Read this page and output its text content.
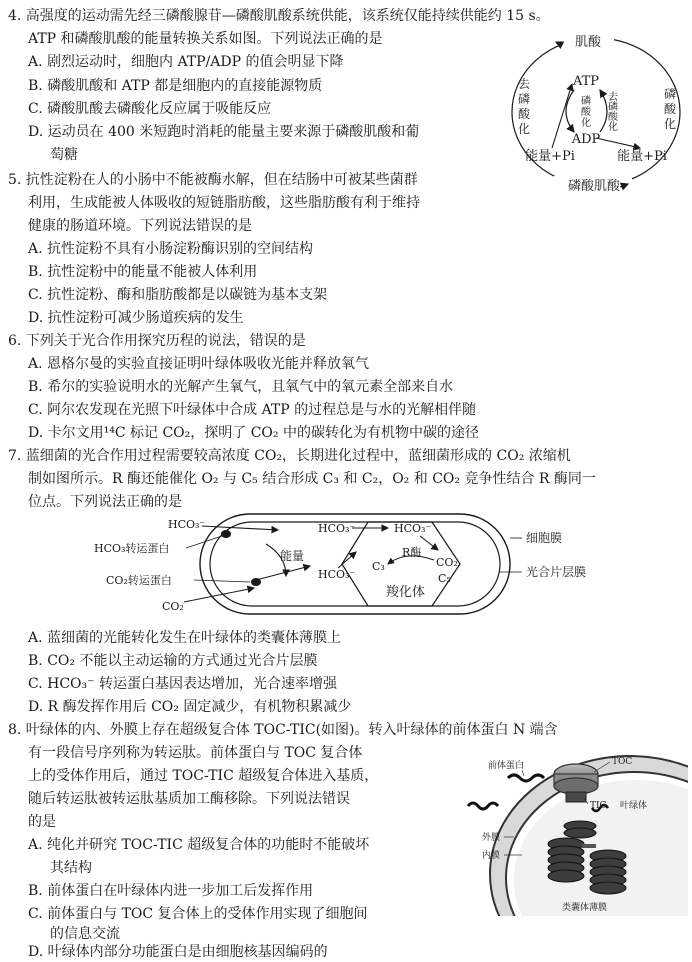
4. 高强度的运动需先经三磷酸腺苷—磷酸肌酸系统供能，该系统仅能持续供能约 15 s。
ATP 和磷酸肌酸的能量转换关系如图。下列说法正确的是
A. 剧烈运动时，细胞内 ATP/ADP 的值会明显下降
B. 磷酸肌酸和 ATP 都是细胞内的直接能源物质
C. 磷酸肌酸去磷酸化反应属于吸能反应
D. 运动员在 400 米短跑时消耗的能量主要来源于磷酸肌酸和葡
萄糖
肌酸
磷酸肌酸
去
磷
酸
化
磷
酸
化
ATP
ADP
磷
酸
化
去
磷
酸
化
能量+Pi	能量+Pi
5. 抗性淀粉在人的小肠中不能被酶水解，但在结肠中可被某些菌群
利用，生成能被人体吸收的短链脂肪酸，这些脂肪酸有利于维持
健康的肠道环境。下列说法错误的是
A. 抗性淀粉不具有小肠淀粉酶识别的空间结构
B. 抗性淀粉中的能量不能被人体利用
C. 抗性淀粉、酶和脂肪酸都是以碳链为基本支架
D. 抗性淀粉可减少肠道疾病的发生
6. 下列关于光合作用探究历程的说法，错误的是
A. 恩格尔曼的实验直接证明叶绿体吸收光能并释放氧气
B. 希尔的实验说明水的光解产生氧气，且氧气中的氧元素全部来自水
C. 阿尔农发现在光照下叶绿体中合成 ATP 的过程总是与水的光解相伴随
D. 卡尔文用¹⁴C 标记 CO₂，探明了 CO₂ 中的碳转化为有机物中碳的途径
7. 蓝细菌的光合作用过程需要较高浓度 CO₂，长期进化过程中，蓝细菌形成的 CO₂ 浓缩机
制如图所示。R 酶还能催化 O₂ 与 C₅ 结合形成 C₃ 和 C₂，O₂ 和 CO₂ 竞争性结合 R 酶同一
位点。下列说法正确的是
HCO₃⁻
HCO₃转运蛋白
CO₂转运蛋白
CO₂
能量
HCO₃⁻
HCO₃⁻
HCO₃⁻
R酶
CO₂
C₃
C₅
羧化体
细胞膜
光合片层膜
A. 蓝细菌的光能转化发生在叶绿体的类囊体薄膜上
B. CO₂ 不能以主动运输的方式通过光合片层膜
C. HCO₃⁻ 转运蛋白基因表达增加，光合速率增强
D. R 酶发挥作用后 CO₂ 固定减少，有机物积累减少
8. 叶绿体的内、外膜上存在超级复合体 TOC-TIC(如图)。转入叶绿体的前体蛋白 N 端含
有一段信号序列称为转运肽。前体蛋白与 TOC 复合体
上的受体作用后，通过 TOC-TIC 超级复合体进入基质，
随后转运肽被转运肽基质加工酶移除。下列说法错误
的是
A. 纯化并研究 TOC-TIC 超级复合体的功能时不能破坏
其结构
B. 前体蛋白在叶绿体内进一步加工后发挥作用
C. 前体蛋白与 TOC 复合体上的受体作用实现了细胞间
的信息交流
D. 叶绿体内部分功能蛋白是由细胞核基因编码的
前体蛋白	TOC
TIC 叶绿体
外膜
内膜
类囊体薄膜
